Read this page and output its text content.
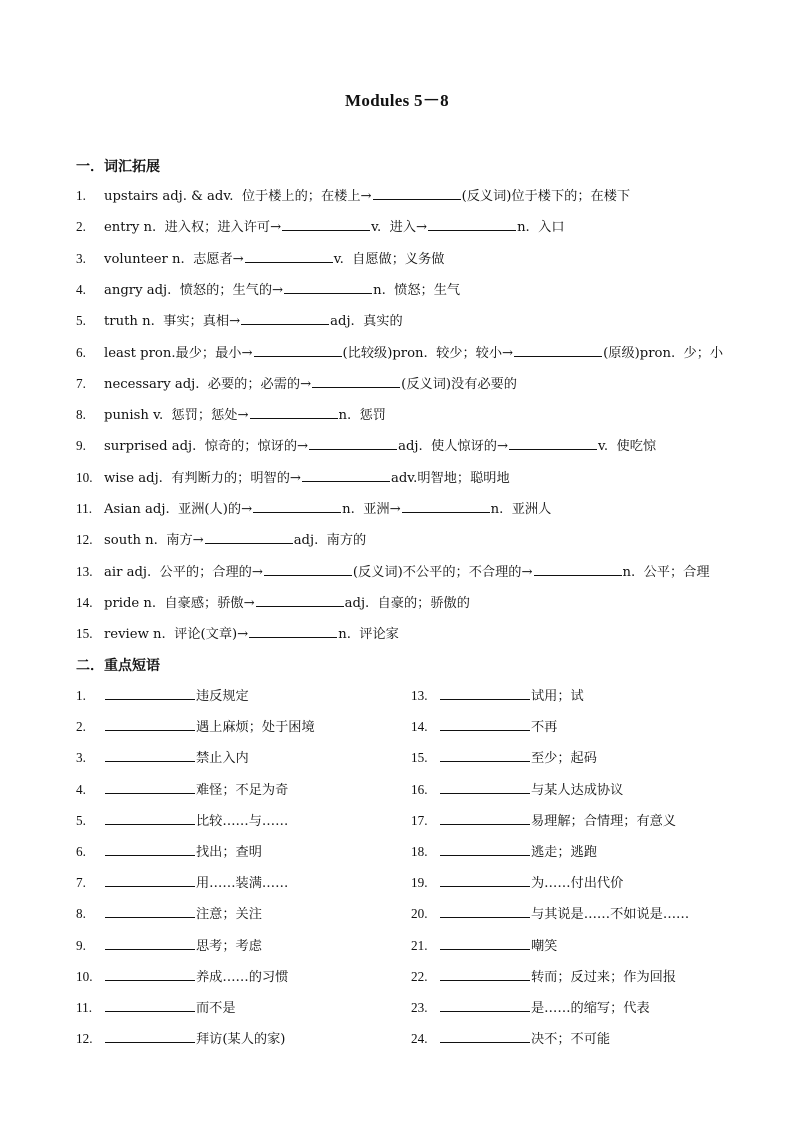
Modules 5－8
一．词汇拓展
1. upstairs adj. & adv.  位于楼上的；在楼上→	(反义词)位于楼下的；在楼下
2. entry n.  进入权；进入许可→	v.  进入→	n.  入口
3. volunteer n.  志愿者→	v.  自愿做；义务做
4. angry adj.  愤怒的；生气的→	n.  愤怒；生气
5. truth n.  事实；真相→	adj.  真实的
6. least pron.最少；最小→	(比较级)pron.  较少；较小→	(原级)pron.  少；小
7. necessary adj.  必要的；必需的→	(反义词)没有必要的
8. punish v.  惩罚；惩处→	n.  惩罚
9. surprised adj.  惊奇的；惊讶的→	adj.  使人惊讶的→	v.  使吃惊
10. wise adj.  有判断力的；明智的→	adv.明智地；聪明地
11. Asian adj.  亚洲(人)的→	n.  亚洲→	n.  亚洲人
12. south n.  南方→	adj.  南方的
13. air adj.  公平的；合理的→	(反义词)不公平的；不合理的→	n.  公平；合理
14. pride n.  自豪感；骄傲→	adj.  自豪的；骄傲的
15. review n.  评论(文章)→	n.  评论家
二．重点短语
1.	违反规定
2.	遇上麻烦；处于困境
3.	禁止入内
4.	难怪；不足为奇
5.	比较……与……
6.	找出；查明
7.	用……装满……
8.	注意；关注
9.	思考；考虑
10.	养成……的习惯
11.	而不是
12.	拜访(某人的家)
13.	试用；试
14.	不再
15.	至少；起码
16.	与某人达成协议
17.	易理解；合情理；有意义
18.	逃走；逃跑
19.	为……付出代价
20.	与其说是……不如说是……
21.	嘲笑
22.	转而；反过来；作为回报
23.	是……的缩写；代表
24.	决不；不可能
